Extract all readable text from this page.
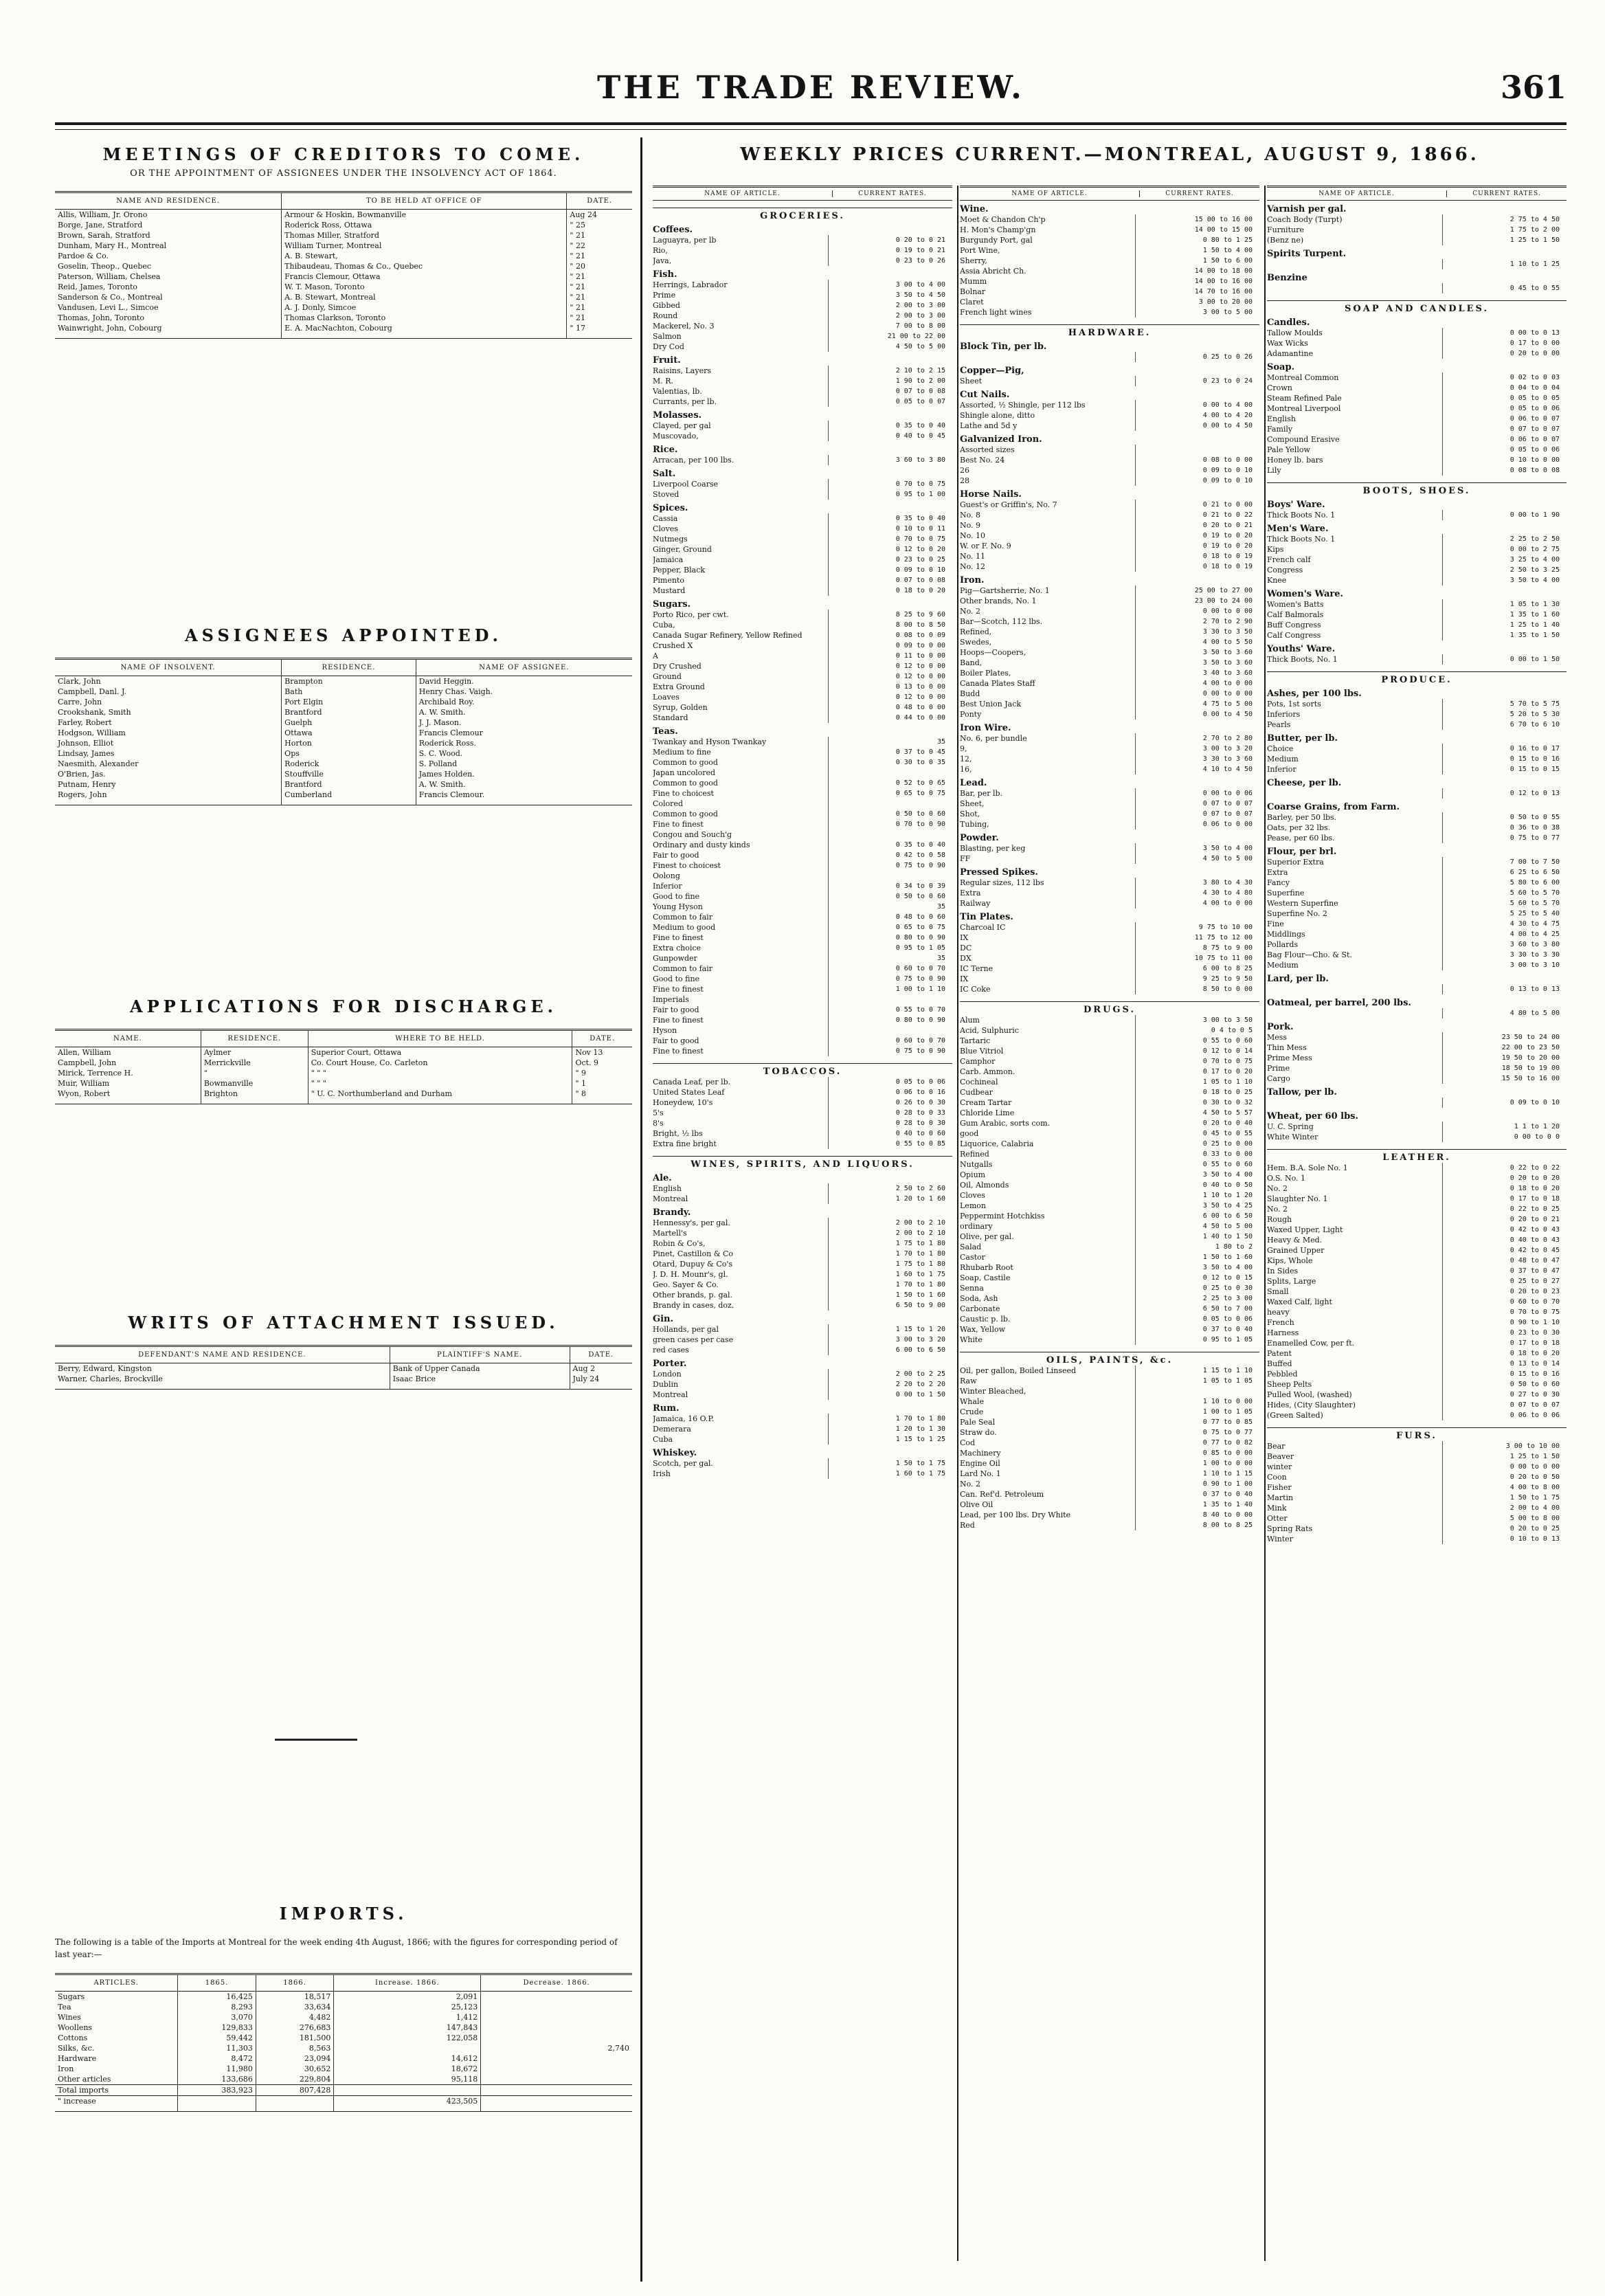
THE TRADE REVIEW.	361
MEETINGS OF CREDITORS TO COME.
OR THE APPOINTMENT OF ASSIGNEES UNDER THE INSOLVENCY ACT OF 1864.
NAME AND RESIDENCE.	TO BE HELD AT OFFICE OF	DATE.
Allis, William, Jr. Orono	Armour & Hoskin, Bowmanville	Aug 24
Borge, Jane, Stratford	Roderick Ross, Ottawa	" 25
Brown, Sarah, Stratford	Thomas Miller, Stratford	" 21
Dunham, Mary H., Montreal	William Turner, Montreal	" 22
Pardoe & Co.	A. B. Stewart,	" 21
Goselin, Theop., Quebec	Thibaudeau, Thomas & Co., Quebec	" 20
Paterson, William, Chelsea	Francis Clemour, Ottawa	" 21
Reid, James, Toronto	W. T. Mason, Toronto	" 21
Sanderson & Co., Montreal	A. B. Stewart, Montreal	" 21
Vandusen, Levi L., Simcoe	A. J. Donly, Simcoe	" 21
Thomas, John, Toronto	Thomas Clarkson, Toronto	" 21
Wainwright, John, Cobourg	E. A. MacNachton, Cobourg	" 17
ASSIGNEES APPOINTED.
NAME OF INSOLVENT.	RESIDENCE.	NAME OF ASSIGNEE.
Clark, John	Brampton	David Heggin.
Campbell, Danl. J.	Bath	Henry Chas. Vaigh.
Carre, John	Port Elgin	Archibald Roy.
Crookshank, Smith	Brantford	A. W. Smith.
Farley, Robert	Guelph	J. J. Mason.
Hodgson, William	Ottawa	Francis Clemour
Johnson, Elliot	Horton	Roderick Ross.
Lindsay, James	Ops	S. C. Wood.
Naesmith, Alexander	Roderick	S. Polland
O'Brien, Jas.	Stouffville	James Holden.
Putnam, Henry	Brantford	A. W. Smith.
Rogers, John	Cumberland	Francis Clemour.
APPLICATIONS FOR DISCHARGE.
NAME.	RESIDENCE.	WHERE TO BE HELD.	DATE.
Allen, William	Aylmer	Superior Court, Ottawa	Nov 13
Campbell, John	Merrickville	Co. Court House, Co. Carleton	Oct. 9
Mirick, Terrence H.	"	" " "	" 9
Muir, William	Bowmanville	" " "	" 1
Wyon, Robert	Brighton	" U. C. Northumberland and Durham	" 8
WRITS OF ATTACHMENT ISSUED.
DEFENDANT'S NAME AND RESIDENCE.	PLAINTIFF'S NAME.	DATE.
Berry, Edward, Kingston	Bank of Upper Canada	Aug 2
Warner, Charles, Brockville	Isaac Brice	July 24
IMPORTS.
The following is a table of the Imports at Montreal for the week ending 4th August, 1866; with the figures for corresponding period of last year:—
ARTICLES.	1865.	1866.	Increase. 1866.	Decrease. 1866.
Sugars	16,425	18,517	2,091	
Tea	8,293	33,634	25,123	
Wines	3,070	4,482	1,412	
Woollens	129,833	276,683	147,843	
Cottons	59,442	181,500	122,058	
Silks, &c.	11,303	8,563		2,740
Hardware	8,472	23,094	14,612	
Iron	11,980	30,652	18,672	
Other articles	133,686	229,804	95,118	
Total imports	383,923	807,428		
" increase			423,505	
WEEKLY PRICES CURRENT.—MONTREAL, AUGUST 9, 1866.
NAME OF ARTICLE.	CURRENT RATES.
GROCERIES.
Coffees.
Laguayra, per lb	0 20 to 0 21
Rio,	0 19 to 0 21
Java,	0 23 to 0 26
Fish.
Herrings, Labrador	3 00 to 4 00
Prime	3 50 to 4 50
Gibbed	2 00 to 3 00
Round	2 00 to 3 00
Mackerel, No. 3	7 00 to 8 00
Salmon	21 00 to 22 00
Dry Cod	4 50 to 5 00
Fruit.
Raisins, Layers	2 10 to 2 15
M. R.	1 90 to 2 00
Valentias, lb.	0 07 to 0 08
Currants, per lb.	0 05 to 0 07
Molasses.
Clayed, per gal	0 35 to 0 40
Muscovado,	0 40 to 0 45
Rice.
Arracan, per 100 lbs.	3 60 to 3 80
Salt.
Liverpool Coarse	0 70 to 0 75
Stoved	0 95 to 1 00
Spices.
Cassia	0 35 to 0 40
Cloves	0 10 to 0 11
Nutmegs	0 70 to 0 75
Ginger, Ground	0 12 to 0 20
Jamaica	0 23 to 0 25
Pepper, Black	0 09 to 0 10
Pimento	0 07 to 0 08
Mustard	0 18 to 0 20
Sugars.
Porto Rico, per cwt.	8 25 to 9 60
Cuba,	8 00 to 8 50
Canada Sugar Refinery, Yellow Refined	0 08 to 0 09
Crushed X	0 09 to 0 00
A	0 11 to 0 00
Dry Crushed	0 12 to 0 00
Ground	0 12 to 0 00
Extra Ground	0 13 to 0 00
Loaves	0 12 to 0 00
Syrup, Golden	0 48 to 0 00
Standard	0 44 to 0 00
Teas.
Twankay and Hyson Twankay	35
Medium to fine	0 37 to 0 45
Common to good	0 30 to 0 35
Japan uncolored
Common to good	0 52 to 0 65
Fine to choicest	0 65 to 0 75
Colored
Common to good	0 50 to 0 60
Fine to finest	0 70 to 0 90
Congou and Souch'g
Ordinary and dusty kinds	0 35 to 0 40
Fair to good	0 42 to 0 58
Finest to choicest	0 75 to 0 90
Oolong
Inferior	0 34 to 0 39
Good to fine	0 50 to 0 60
Young Hyson	35
Common to fair	0 48 to 0 60
Medium to good	0 65 to 0 75
Fine to finest	0 80 to 0 90
Extra choice	0 95 to 1 05
Gunpowder	35
Common to fair	0 60 to 0 70
Good to fine	0 75 to 0 90
Fine to finest	1 00 to 1 10
Imperials
Fair to good	0 55 to 0 70
Fine to finest	0 80 to 0 90
Hyson
Fair to good	0 60 to 0 70
Fine to finest	0 75 to 0 90
TOBACCOS.
Canada Leaf, per lb.	0 05 to 0 06
United States Leaf	0 06 to 0 16
Honeydew, 10's	0 26 to 0 30
5's	0 28 to 0 33
8's	0 28 to 0 30
Bright, ½ lbs	0 40 to 0 60
Extra fine bright	0 55 to 0 85
WINES, SPIRITS, AND LIQUORS.
Ale.
English	2 50 to 2 60
Montreal	1 20 to 1 60
Brandy.
Hennessy's, per gal.	2 00 to 2 10
Martell's	2 00 to 2 10
Robin & Co's,	1 75 to 1 80
Pinet, Castillon & Co	1 70 to 1 80
Otard, Dupuy & Co's	1 75 to 1 80
J. D. H. Mounr's, gl.	1 60 to 1 75
Geo. Sayer & Co.	1 70 to 1 80
Other brands, p. gal.	1 50 to 1 60
Brandy in cases, doz.	6 50 to 9 00
Gin.
Hollands, per gal	1 15 to 1 20
green cases per case	3 00 to 3 20
red cases	6 00 to 6 50
Porter.
London	2 00 to 2 25
Dublin	2 20 to 2 20
Montreal	0 00 to 1 50
Rum.
Jamaica, 16 O.P.	1 70 to 1 80
Demerara	1 20 to 1 30
Cuba	1 15 to 1 25
Whiskey.
Scotch, per gal.	1 50 to 1 75
Irish	1 60 to 1 75
NAME OF ARTICLE.	CURRENT RATES.
Wine.
Moet & Chandon Ch'p	15 00 to 16 00
H. Mon's Champ'gn	14 00 to 15 00
Burgundy Port, gal	0 80 to 1 25
Port Wine,	1 50 to 4 00
Sherry,	1 50 to 6 00
Assia Abricht Ch.	14 00 to 18 00
Mumm	14 00 to 16 00
Bolnar	14 70 to 16 00
Claret	3 00 to 20 00
French light wines	3 00 to 5 00
HARDWARE.
Block Tin, per lb.
0 25 to 0 26
Copper—Pig,
Sheet	0 23 to 0 24
Cut Nails.
Assorted, ½ Shingle, per 112 lbs	0 00 to 4 00
Shingle alone, ditto	4 00 to 4 20
Lathe and 5d y	0 00 to 4 50
Galvanized Iron.
Assorted sizes
Best No. 24	0 08 to 0 00
26	0 09 to 0 10
28	0 09 to 0 10
Horse Nails.
Guest's or Griffin's, No. 7	0 21 to 0 00
No. 8	0 21 to 0 22
No. 9	0 20 to 0 21
No. 10	0 19 to 0 20
W. or F. No. 9	0 19 to 0 20
No. 11	0 18 to 0 19
No. 12	0 18 to 0 19
Iron.
Pig—Gartsherrie, No. 1	25 00 to 27 00
Other brands, No. 1	23 00 to 24 00
No. 2	0 00 to 0 00
Bar—Scotch, 112 lbs.	2 70 to 2 90
Refined,	3 30 to 3 50
Swedes,	4 00 to 5 50
Hoops—Coopers,	3 50 to 3 60
Band,	3 50 to 3 60
Boiler Plates,	3 40 to 3 60
Canada Plates Staff	4 00 to 0 00
Budd	0 00 to 0 00
Best Union Jack	4 75 to 5 00
Ponty	0 00 to 4 50
Iron Wire.
No. 6, per bundle	2 70 to 2 80
9,	3 00 to 3 20
12,	3 30 to 3 60
16,	4 10 to 4 50
Lead.
Bar, per lb.	0 00 to 0 06
Sheet,	0 07 to 0 07
Shot,	0 07 to 0 07
Tubing,	0 06 to 0 00
Powder.
Blasting, per keg	3 50 to 4 00
FF	4 50 to 5 00
Pressed Spikes.
Regular sizes, 112 lbs	3 80 to 4 30
Extra	4 30 to 4 80
Railway	4 00 to 0 00
Tin Plates.
Charcoal IC	9 75 to 10 00
IX	11 75 to 12 00
DC	8 75 to 9 00
DX	10 75 to 11 00
IC Terne	6 00 to 8 25
IX	9 25 to 9 50
IC Coke	8 50 to 0 00
DRUGS.
Alum	3 00 to 3 50
Acid, Sulphuric	0 4 to 0 5
Tartaric	0 55 to 0 60
Blue Vitriol	0 12 to 0 14
Camphor	0 70 to 0 75
Carb. Ammon.	0 17 to 0 20
Cochineal	1 05 to 1 10
Cudbear	0 18 to 0 25
Cream Tartar	0 30 to 0 32
Chloride Lime	4 50 to 5 57
Gum Arabic, sorts com.	0 20 to 0 40
good	0 45 to 0 55
Liquorice, Calabria	0 25 to 0 00
Refined	0 33 to 0 00
Nutgalls	0 55 to 0 60
Opium	3 50 to 4 00
Oil, Almonds	0 40 to 0 50
Cloves	1 10 to 1 20
Lemon	3 50 to 4 25
Peppermint Hotchkiss	6 00 to 6 50
ordinary	4 50 to 5 00
Olive, per gal.	1 40 to 1 50
Salad	1 80 to 2
Castor	1 50 to 1 60
Rhubarb Root	3 50 to 4 00
Soap, Castile	0 12 to 0 15
Senna	0 25 to 0 30
Soda, Ash	2 25 to 3 00
Carbonate	6 50 to 7 00
Caustic p. lb.	0 05 to 0 06
Wax, Yellow	0 37 to 0 40
White	0 95 to 1 05
OILS, PAINTS, &c.
Oil, per gallon, Boiled Linseed	1 15 to 1 10
Raw	1 05 to 1 05
Winter Bleached,
Whale	1 10 to 0 00
Crude	1 00 to 1 05
Pale Seal	0 77 to 0 85
Straw do.	0 75 to 0 77
Cod	0 77 to 0 82
Machinery	0 85 to 0 00
Engine Oil	1 00 to 0 00
Lard No. 1	1 10 to 1 15
No. 2	0 90 to 1 00
Can. Ref'd. Petroleum	0 37 to 0 40
Olive Oil	1 35 to 1 40
Lead, per 100 lbs. Dry White	8 40 to 0 00
Red	8 00 to 8 25
NAME OF ARTICLE.	CURRENT RATES.
Varnish per gal.
Coach Body (Turpt)	2 75 to 4 50
Furniture	1 75 to 2 00
(Benz ne)	1 25 to 1 50
Spirits Turpent.
1 10 to 1 25
Benzine
0 45 to 0 55
SOAP AND CANDLES.
Candles.
Tallow Moulds	0 00 to 0 13
Wax Wicks	0 17 to 0 00
Adamantine	0 20 to 0 00
Soap.
Montreal Common	0 02 to 0 03
Crown	0 04 to 0 04
Steam Refined Pale	0 05 to 0 05
Montreal Liverpool	0 05 to 0 06
English	0 06 to 0 07
Family	0 07 to 0 07
Compound Erasive	0 06 to 0 07
Pale Yellow	0 05 to 0 06
Honey lb. bars	0 10 to 0 00
Lily	0 08 to 0 08
BOOTS, SHOES.
Boys' Ware.
Thick Boots No. 1	0 00 to 1 90
Men's Ware.
Thick Boots No. 1	2 25 to 2 50
Kips	0 00 to 2 75
French calf	3 25 to 4 00
Congress	2 50 to 3 25
Knee	3 50 to 4 00
Women's Ware.
Women's Batts	1 05 to 1 30
Calf Balmorals	1 35 to 1 60
Buff Congress	1 25 to 1 40
Calf Congress	1 35 to 1 50
Youths' Ware.
Thick Boots, No. 1	0 00 to 1 50
PRODUCE.
Ashes, per 100 lbs.
Pots, 1st sorts	5 70 to 5 75
Inferiors	5 20 to 5 30
Pearls	6 70 to 6 10
Butter, per lb.
Choice	0 16 to 0 17
Medium	0 15 to 0 16
Inferior	0 15 to 0 15
Cheese, per lb.
0 12 to 0 13
Coarse Grains, from Farm.
Barley, per 50 lbs.	0 50 to 0 55
Oats, per 32 lbs.	0 36 to 0 38
Pease, per 60 lbs.	0 75 to 0 77
Flour, per brl.
Superior Extra	7 00 to 7 50
Extra	6 25 to 6 50
Fancy	5 80 to 6 00
Superfine	5 60 to 5 70
Western Superfine	5 60 to 5 70
Superfine No. 2	5 25 to 5 40
Fine	4 30 to 4 75
Middlings	4 00 to 4 25
Pollards	3 60 to 3 80
Bag Flour—Cho. & St.	3 30 to 3 30
Medium	3 00 to 3 10
Lard, per lb.
0 13 to 0 13
Oatmeal, per barrel, 200 lbs.
4 80 to 5 00
Pork.
Mess	23 50 to 24 00
Thin Mess	22 00 to 23 50
Prime Mess	19 50 to 20 00
Prime	18 50 to 19 00
Cargo	15 50 to 16 00
Tallow, per lb.
0 09 to 0 10
Wheat, per 60 lbs.
U. C. Spring	1 1 to 1 20
White Winter	0 00 to 0 0
LEATHER.
Hem. B.A. Sole No. 1	0 22 to 0 22
O.S. No. 1	0 20 to 0 20
No. 2	0 18 to 0 20
Slaughter No. 1	0 17 to 0 18
No. 2	0 22 to 0 25
Rough	0 20 to 0 21
Waxed Upper, Light	0 42 to 0 43
Heavy & Med.	0 40 to 0 43
Grained Upper	0 42 to 0 45
Kips, Whole	0 48 to 0 47
In Sides	0 37 to 0 47
Splits, Large	0 25 to 0 27
Small	0 20 to 0 23
Waxed Calf, light	0 60 to 0 70
heavy	0 70 to 0 75
French	0 90 to 1 10
Harness	0 23 to 0 30
Enamelled Cow, per ft.	0 17 to 0 18
Patent	0 18 to 0 20
Buffed	0 13 to 0 14
Pebbled	0 15 to 0 16
Sheep Pelts	0 50 to 0 60
Pulled Wool, (washed)	0 27 to 0 30
Hides, (City Slaughter)	0 07 to 0 07
(Green Salted)	0 06 to 0 06
FURS.
Bear	3 00 to 10 00
Beaver	1 25 to 1 50
winter	0 00 to 0 00
Coon	0 20 to 0 50
Fisher	4 00 to 8 00
Martin	1 50 to 1 75
Mink	2 00 to 4 00
Otter	5 00 to 8 00
Spring Rats	0 20 to 0 25
Winter	0 10 to 0 13
